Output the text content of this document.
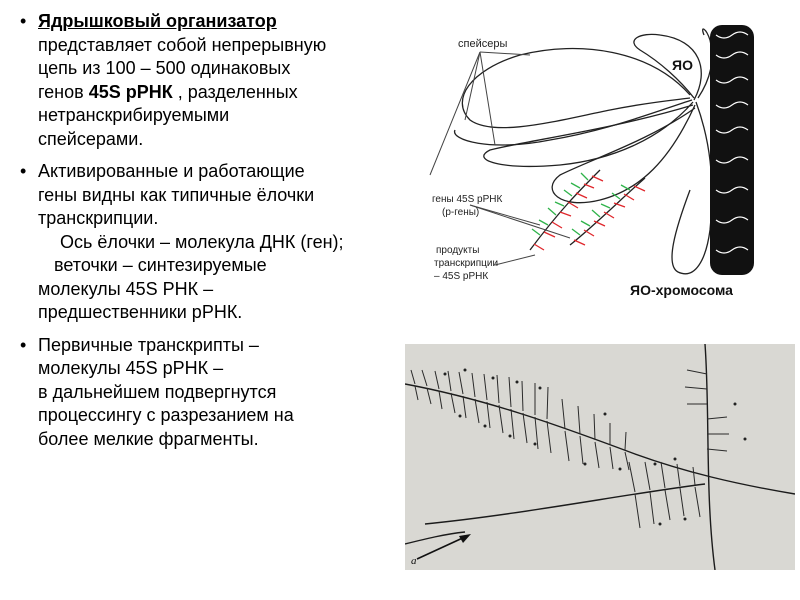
• Ядрышковый организатор
представляет собой непрерывную
цепь из 100 – 500 одинаковых
генов 45S рРНК , разделенных
нетранскрибируемыми
спейсерами.
• Активированные и работающие
гены видны как типичные ёлочки
транскрипции.
Ось ёлочки – молекула ДНК (ген);
веточки – синтезируемые
молекулы 45S РНК –
предшественники рРНК.
• Первичные транскрипты –
молекулы 45S рРНК –
в дальнейшем подвергнутся
процессингу с разрезанием на
более мелкие фрагменты.
спейсеры
ЯО
гены 45S рРНК
(р-гены)
продукты
транскрипции
– 45S рРНК
ЯО-хромосома
a
